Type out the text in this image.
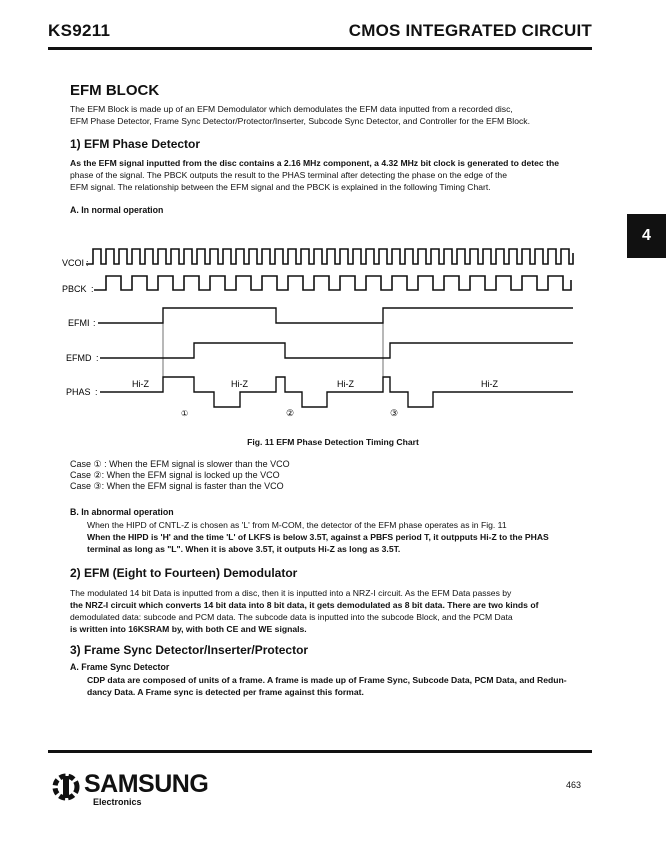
KS9211	CMOS INTEGRATED CIRCUIT
4
EFM BLOCK
The EFM Block is made up of an EFM Demodulator which demodulates the EFM data inputted from a recorded disc,
EFM Phase Detector, Frame Sync Detector/Protector/Inserter, Subcode Sync Detector, and Controller for the EFM Block.
1) EFM Phase Detector
As the EFM signal inputted from the disc contains a 2.16 MHz component, a 4.32 MHz bit clock is generated to detec the
phase of the signal. The PBCK outputs the result to the PHAS terminal after detecting the phase on the edge of the
EFM signal. The relationship between the EFM signal and the PBCK is explained in the following Timing Chart.
A. In normal operation
VCOI :
PBCK :
EFMI :
EFMD :
PHAS :
Hi-Z	Hi-Z	Hi-Z	Hi-Z
①	②	③
Fig. 11 EFM Phase Detection Timing Chart
Case ① : When the EFM signal is slower than the VCO
Case ②: When the EFM signal is locked up the VCO
Case ③: When the EFM signal is faster than the VCO
B. In abnormal operation
When the HIPD of CNTL-Z is chosen as 'L' from M-COM, the detector of the EFM phase operates as in Fig. 11
When the HIPD is 'H' and the time 'L' of LKFS is below 3.5T, against a PBFS period T, it outpputs Hi-Z to the PHAS
terminal as long as "L". When it is above 3.5T, it outputs Hi-Z as long as 3.5T.
2) EFM (Eight to Fourteen) Demodulator
The modulated 14 bit Data is inputted from a disc, then it is inputted into a NRZ-I circuit. As the EFM Data passes by
the NRZ-I circuit which converts 14 bit data into 8 bit data, it gets demodulated as 8 bit data. There are two kinds of
demodulated data: subcode and PCM data. The subcode data is inputted into the subcode Block, and the PCM Data
is written into 16KSRAM by, with both CE and WE signals.
3) Frame Sync Detector/Inserter/Protector
A. Frame Sync Detector
CDP data are composed of units of a frame. A frame is made up of Frame Sync, Subcode Data, PCM Data, and Redun-
dancy Data. A Frame sync is detected per frame against this format.
SAMSUNG
Electronics
463
